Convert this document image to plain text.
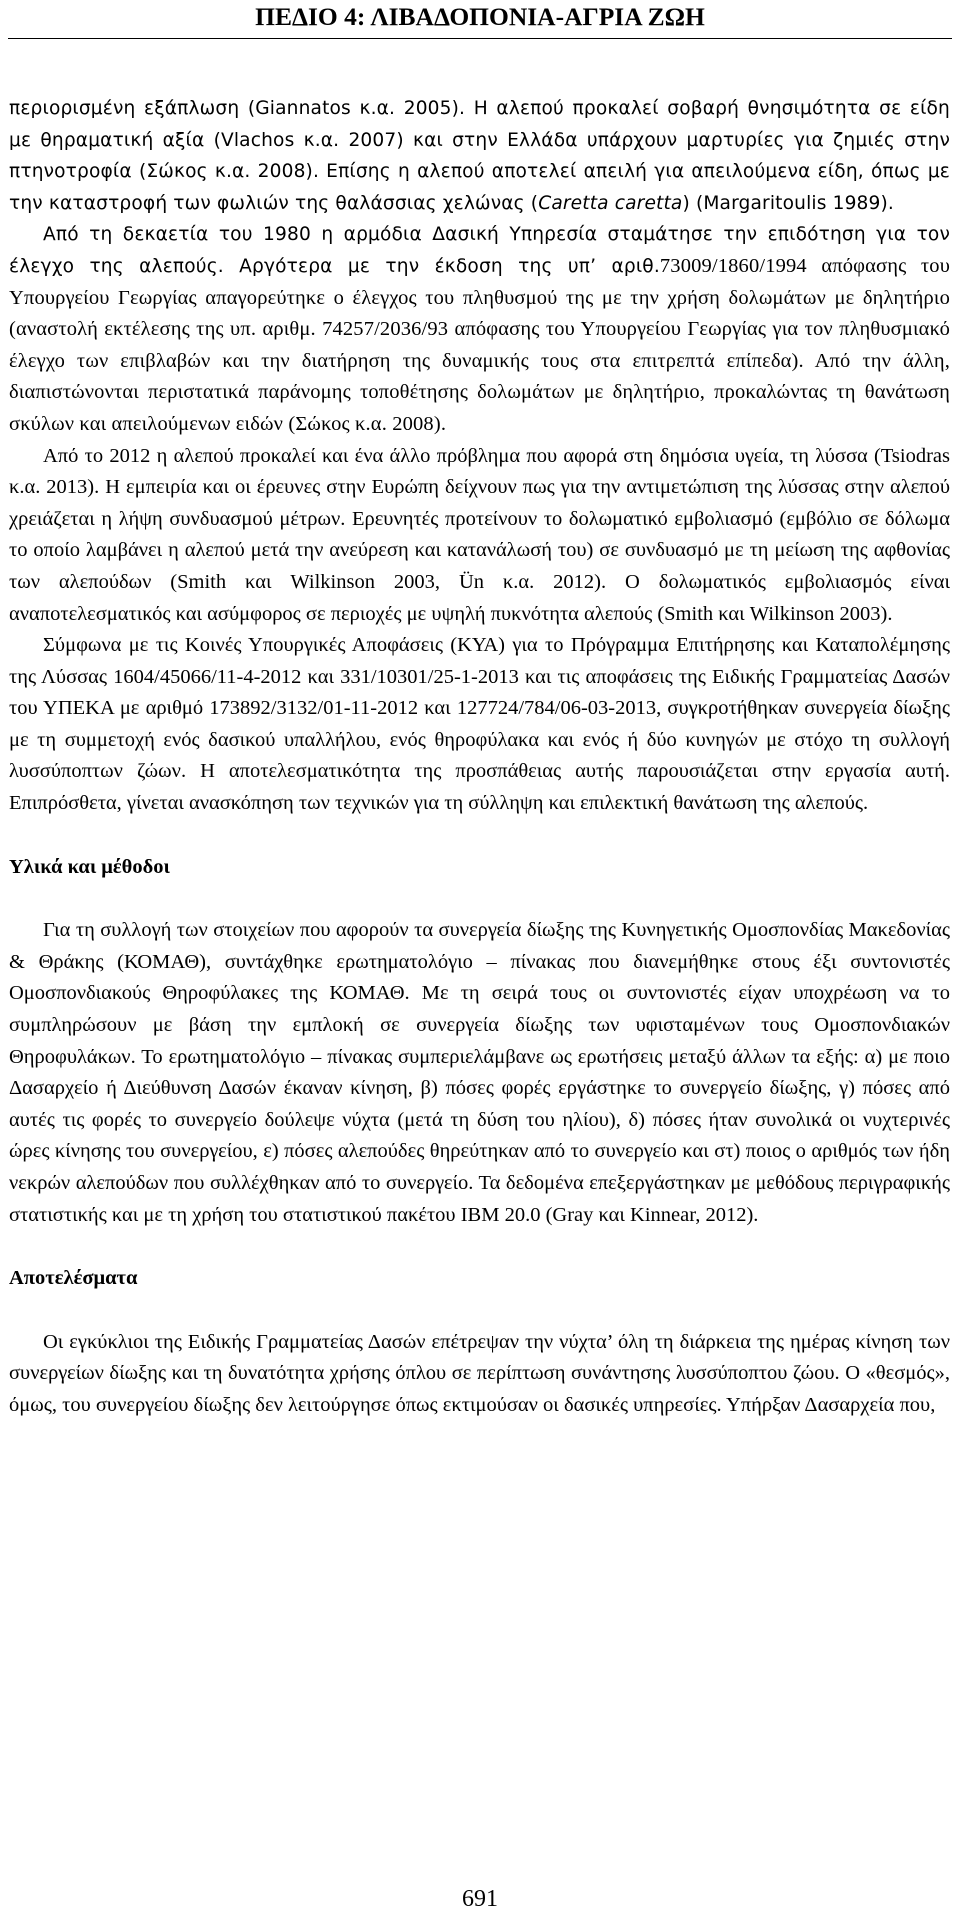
ΠΕΔΙΟ 4: ΛΙΒΑΔΟΠΟΝΙΑ-ΑΓΡΙΑ ΖΩΗ

περιορισμένη εξάπλωση (Giannatos κ.α. 2005). Η αλεπού προκαλεί σοβαρή θνησιμότητα σε είδη με θηραματική αξία (Vlachos κ.α. 2007) και στην Ελλάδα υπάρχουν μαρτυρίες για ζημιές στην πτηνοτροφία (Σώκος κ.α. 2008). Επίσης η αλεπού αποτελεί απειλή για απειλούμενα είδη, όπως με την καταστροφή των φωλιών της θαλάσσιας χελώνας (Caretta caretta) (Margaritoulis 1989).

Από τη δεκαετία του 1980 η αρμόδια Δασική Υπηρεσία σταμάτησε την επιδότηση για τον έλεγχο της αλεπούς. Αργότερα με την έκδοση της υπ’ αριθ.73009/1860/1994 απόφασης του Υπουργείου Γεωργίας απαγορεύτηκε ο έλεγχος του πληθυσμού της με την χρήση δολωμάτων με δηλητήριο (αναστολή εκτέλεσης της υπ. αριθμ. 74257/2036/93 απόφασης του Υπουργείου Γεωργίας για τον πληθυσμιακό έλεγχο των επιβλαβών και την διατήρηση της δυναμικής τους στα επιτρεπτά επίπεδα). Από την άλλη, διαπιστώνονται περιστατικά παράνομης τοποθέτησης δολωμάτων με δηλητήριο, προκαλώντας τη θανάτωση σκύλων και απειλούμενων ειδών (Σώκος κ.α. 2008).

Από το 2012 η αλεπού προκαλεί και ένα άλλο πρόβλημα που αφορά στη δημόσια υγεία, τη λύσσα (Tsiodras κ.α. 2013). Η εμπειρία και οι έρευνες στην Ευρώπη δείχνουν πως για την αντιμετώπιση της λύσσας στην αλεπού χρειάζεται η λήψη συνδυασμού μέτρων. Ερευνητές προτείνουν το δολωματικό εμβολιασμό (εμβόλιο σε δόλωμα το οποίο λαμβάνει η αλεπού μετά την ανεύρεση και κατανάλωσή του) σε συνδυασμό με τη μείωση της αφθονίας των αλεπούδων (Smith και Wilkinson 2003, Ün κ.α. 2012). Ο δολωματικός εμβολιασμός είναι αναποτελεσματικός και ασύμφορος σε περιοχές με υψηλή πυκνότητα αλεπούς (Smith και Wilkinson 2003).

Σύμφωνα με τις Κοινές Υπουργικές Αποφάσεις (ΚΥΑ) για το Πρόγραμμα Επιτήρησης και Καταπολέμησης της Λύσσας 1604/45066/11-4-2012 και 331/10301/25-1-2013 και τις αποφάσεις της Ειδικής Γραμματείας Δασών του ΥΠΕΚΑ με αριθμό 173892/3132/01-11-2012 και 127724/784/06-03-2013, συγκροτήθηκαν συνεργεία δίωξης με τη συμμετοχή ενός δασικού υπαλλήλου, ενός θηροφύλακα και ενός ή δύο κυνηγών με στόχο τη συλλογή λυσσύποπτων ζώων. Η αποτελεσματικότητα της προσπάθειας αυτής παρουσιάζεται στην εργασία αυτή. Επιπρόσθετα, γίνεται ανασκόπηση των τεχνικών για τη σύλληψη και επιλεκτική θανάτωση της αλεπούς.

Υλικά και μέθοδοι

Για τη συλλογή των στοιχείων που αφορούν τα συνεργεία δίωξης της Κυνηγετικής Ομοσπονδίας Μακεδονίας & Θράκης (ΚΟΜΑΘ), συντάχθηκε ερωτηματολόγιο – πίνακας που διανεμήθηκε στους έξι συντονιστές Ομοσπονδιακούς Θηροφύλακες της ΚΟΜΑΘ. Με τη σειρά τους οι συντονιστές είχαν υποχρέωση να το συμπληρώσουν με βάση την εμπλοκή σε συνεργεία δίωξης των υφισταμένων τους Ομοσπονδιακών Θηροφυλάκων. Το ερωτηματολόγιο – πίνακας συμπεριελάμβανε ως ερωτήσεις μεταξύ άλλων τα εξής: α) με ποιο Δασαρχείο ή Διεύθυνση Δασών έκαναν κίνηση, β) πόσες φορές εργάστηκε το συνεργείο δίωξης, γ) πόσες από αυτές τις φορές το συνεργείο δούλεψε νύχτα (μετά τη δύση του ηλίου), δ) πόσες ήταν συνολικά οι νυχτερινές ώρες κίνησης του συνεργείου, ε) πόσες αλεπούδες θηρεύτηκαν από το συνεργείο και στ) ποιος ο αριθμός των ήδη νεκρών αλεπούδων που συλλέχθηκαν από το συνεργείο. Τα δεδομένα επεξεργάστηκαν με μεθόδους περιγραφικής στατιστικής και με τη χρήση του στατιστικού πακέτου IBM 20.0 (Gray και Kinnear, 2012).

Αποτελέσματα

Οι εγκύκλιοι της Ειδικής Γραμματείας Δασών επέτρεψαν την νύχτα’ όλη τη διάρκεια της ημέρας κίνηση των συνεργείων δίωξης και τη δυνατότητα χρήσης όπλου σε περίπτωση συνάντησης λυσσύποπτου ζώου. Ο «θεσμός», όμως, του συνεργείου δίωξης δεν λειτούργησε όπως εκτιμούσαν οι δασικές υπηρεσίες. Υπήρξαν Δασαρχεία που,

691
